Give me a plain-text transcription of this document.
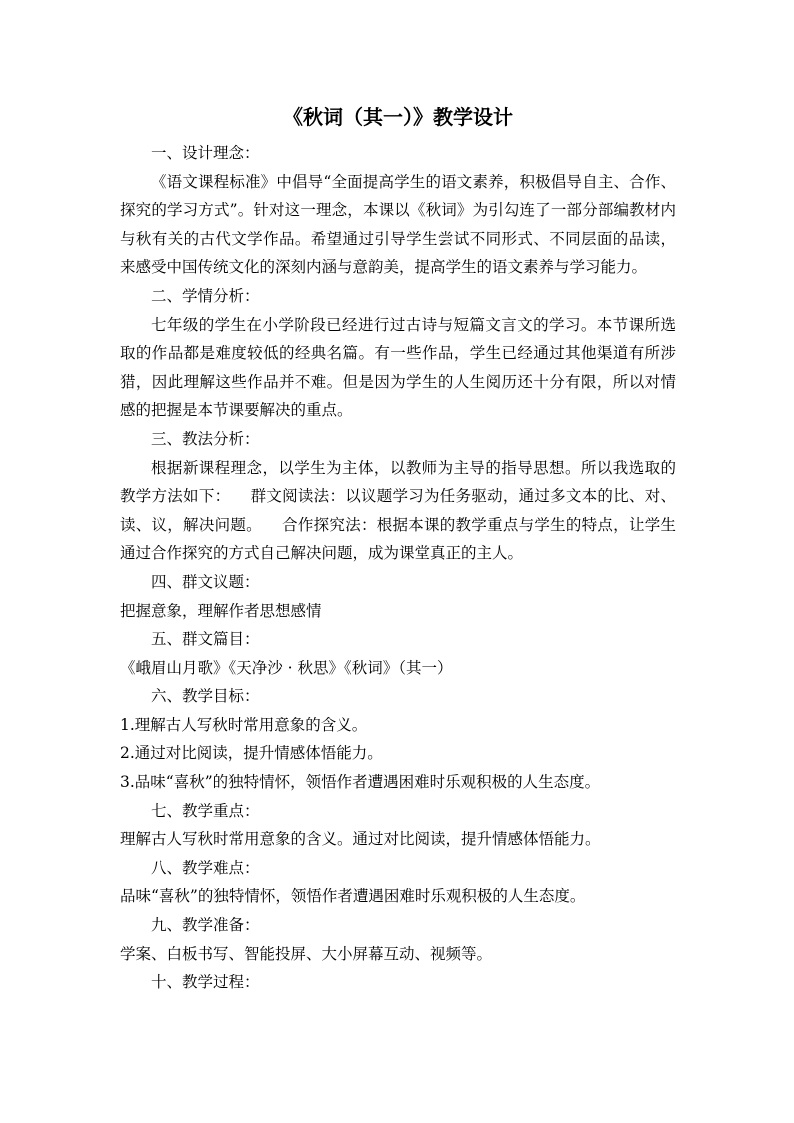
《秋词（其一）》教学设计

一、设计理念：

《语文课程标准》中倡导“全面提高学生的语文素养，积极倡导自主、合作、探究的学习方式”。针对这一理念，本课以《秋词》为引勾连了一部分部编教材内与秋有关的古代文学作品。希望通过引导学生尝试不同形式、不同层面的品读，来感受中国传统文化的深刻内涵与意韵美，提高学生的语文素养与学习能力。

二、学情分析：

七年级的学生在小学阶段已经进行过古诗与短篇文言文的学习。本节课所选取的作品都是难度较低的经典名篇。有一些作品，学生已经通过其他渠道有所涉猎，因此理解这些作品并不难。但是因为学生的人生阅历还十分有限，所以对情感的把握是本节课要解决的重点。

三、教法分析：

根据新课程理念，以学生为主体，以教师为主导的指导思想。所以我选取的教学方法如下： 群文阅读法：以议题学习为任务驱动，通过多文本的比、对、读、议，解决问题。 合作探究法：根据本课的教学重点与学生的特点，让学生通过合作探究的方式自己解决问题，成为课堂真正的主人。

四、群文议题：

把握意象，理解作者思想感情

五、群文篇目：

《峨眉山月歌》《天净沙 · 秋思》《秋词》（其一）

六、教学目标：

1.理解古人写秋时常用意象的含义。

2.通过对比阅读，提升情感体悟能力。

3.品味“喜秋”的独特情怀，领悟作者遭遇困难时乐观积极的人生态度。

七、教学重点：

理解古人写秋时常用意象的含义。通过对比阅读，提升情感体悟能力。

八、教学难点：

品味“喜秋”的独特情怀，领悟作者遭遇困难时乐观积极的人生态度。

九、教学准备：

学案、白板书写、智能投屏、大小屏幕互动、视频等。

十、教学过程：
